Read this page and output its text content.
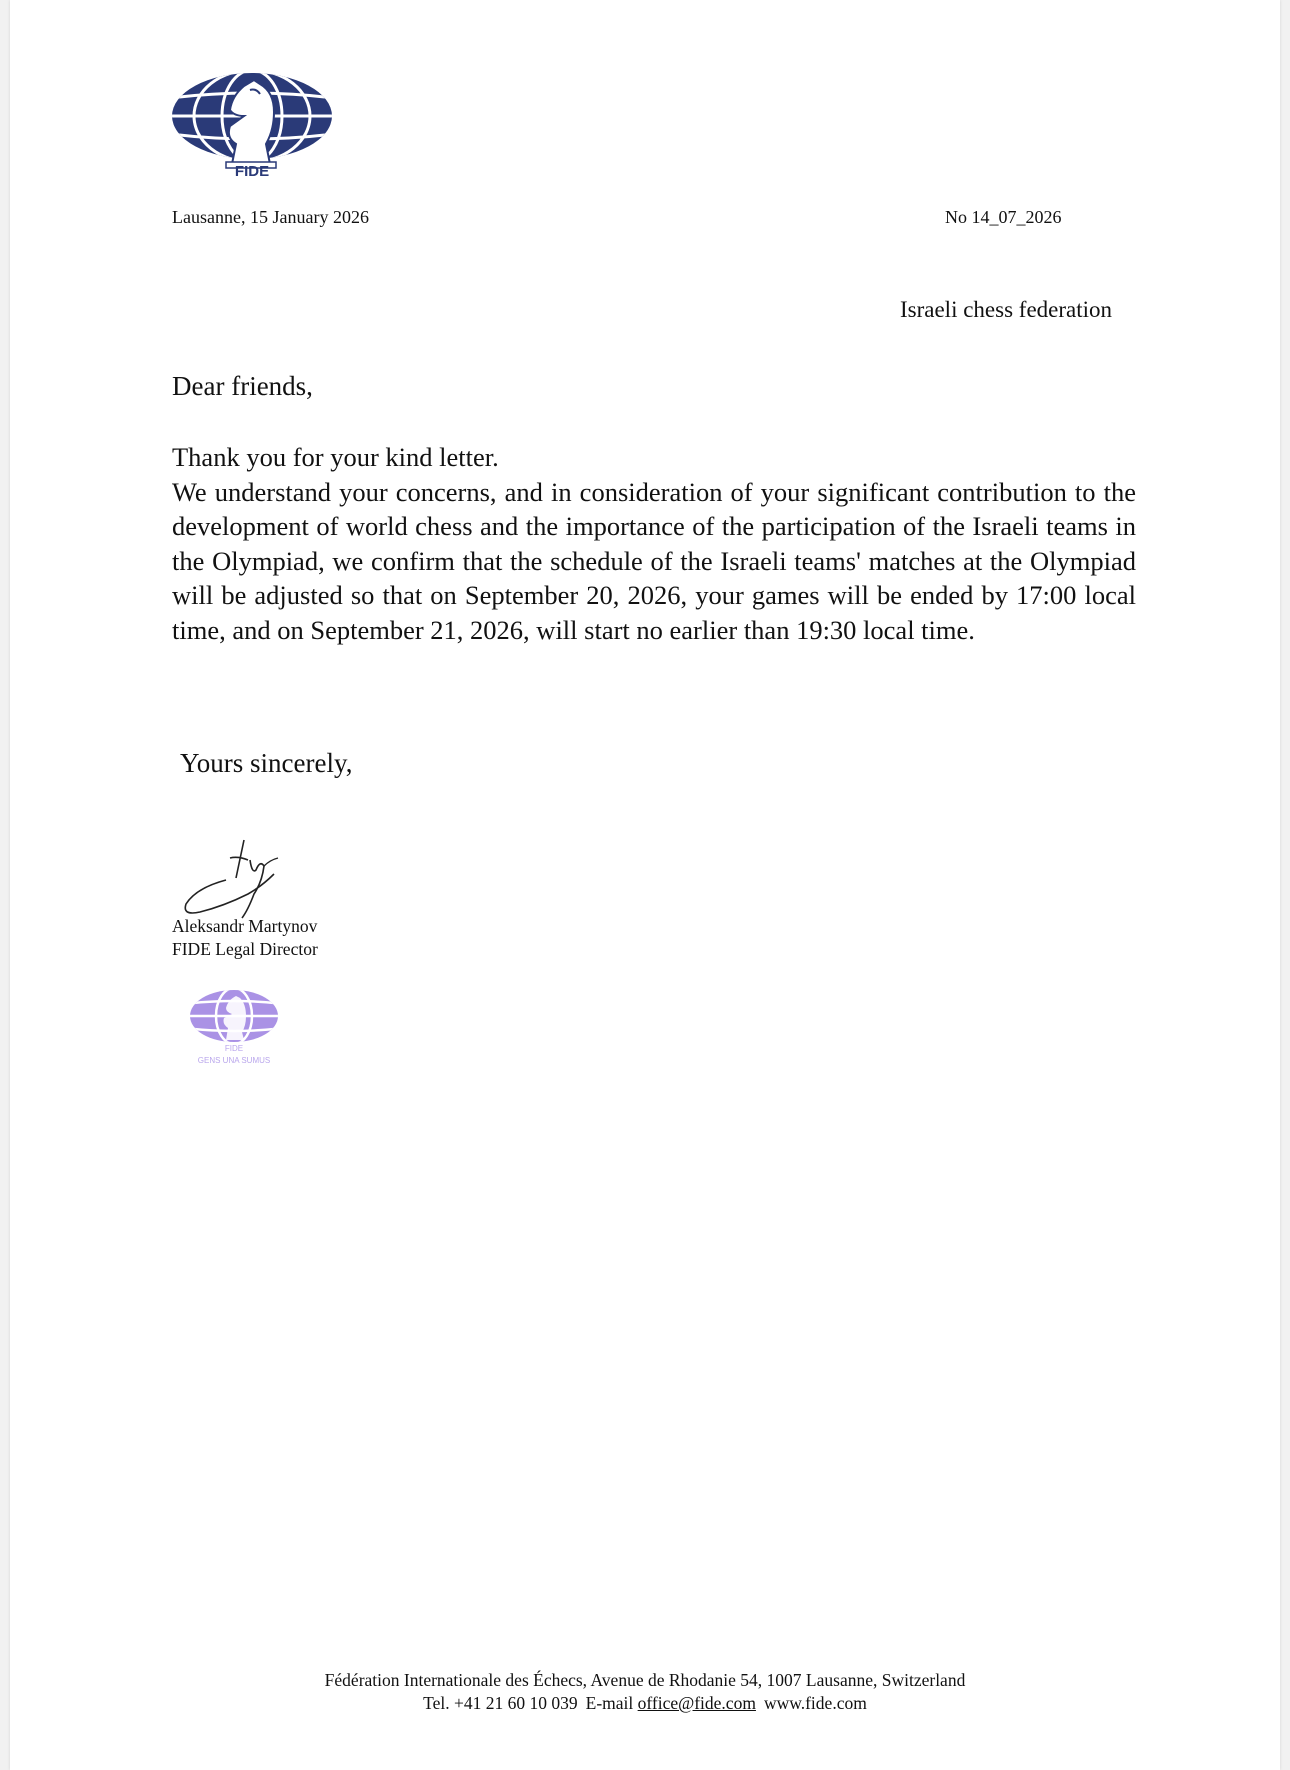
FIDE
Lausanne, 15 January 2026	No 14_07_2026
Israeli chess federation
Dear friends,

Thank you for your kind letter.

We understand your concerns, and in consideration of your significant contribution to the development of world chess and the importance of the participation of the Israeli teams in the Olympiad, we confirm that the schedule of the Israeli teams' matches at the Olympiad will be adjusted so that on September 20, 2026, your games will be ended by 17:00 local time, and on September 21, 2026, will start no earlier than 19:30 local time.

Yours sincerely,
Aleksandr Martynov
FIDE Legal Director
FIDE
GENS UNA SUMUS
Fédération Internationale des Échecs, Avenue de Rhodanie 54, 1007 Lausanne, Switzerland
Tel. +41 21 60 10 039 E-mail office@fide.com www.fide.com
